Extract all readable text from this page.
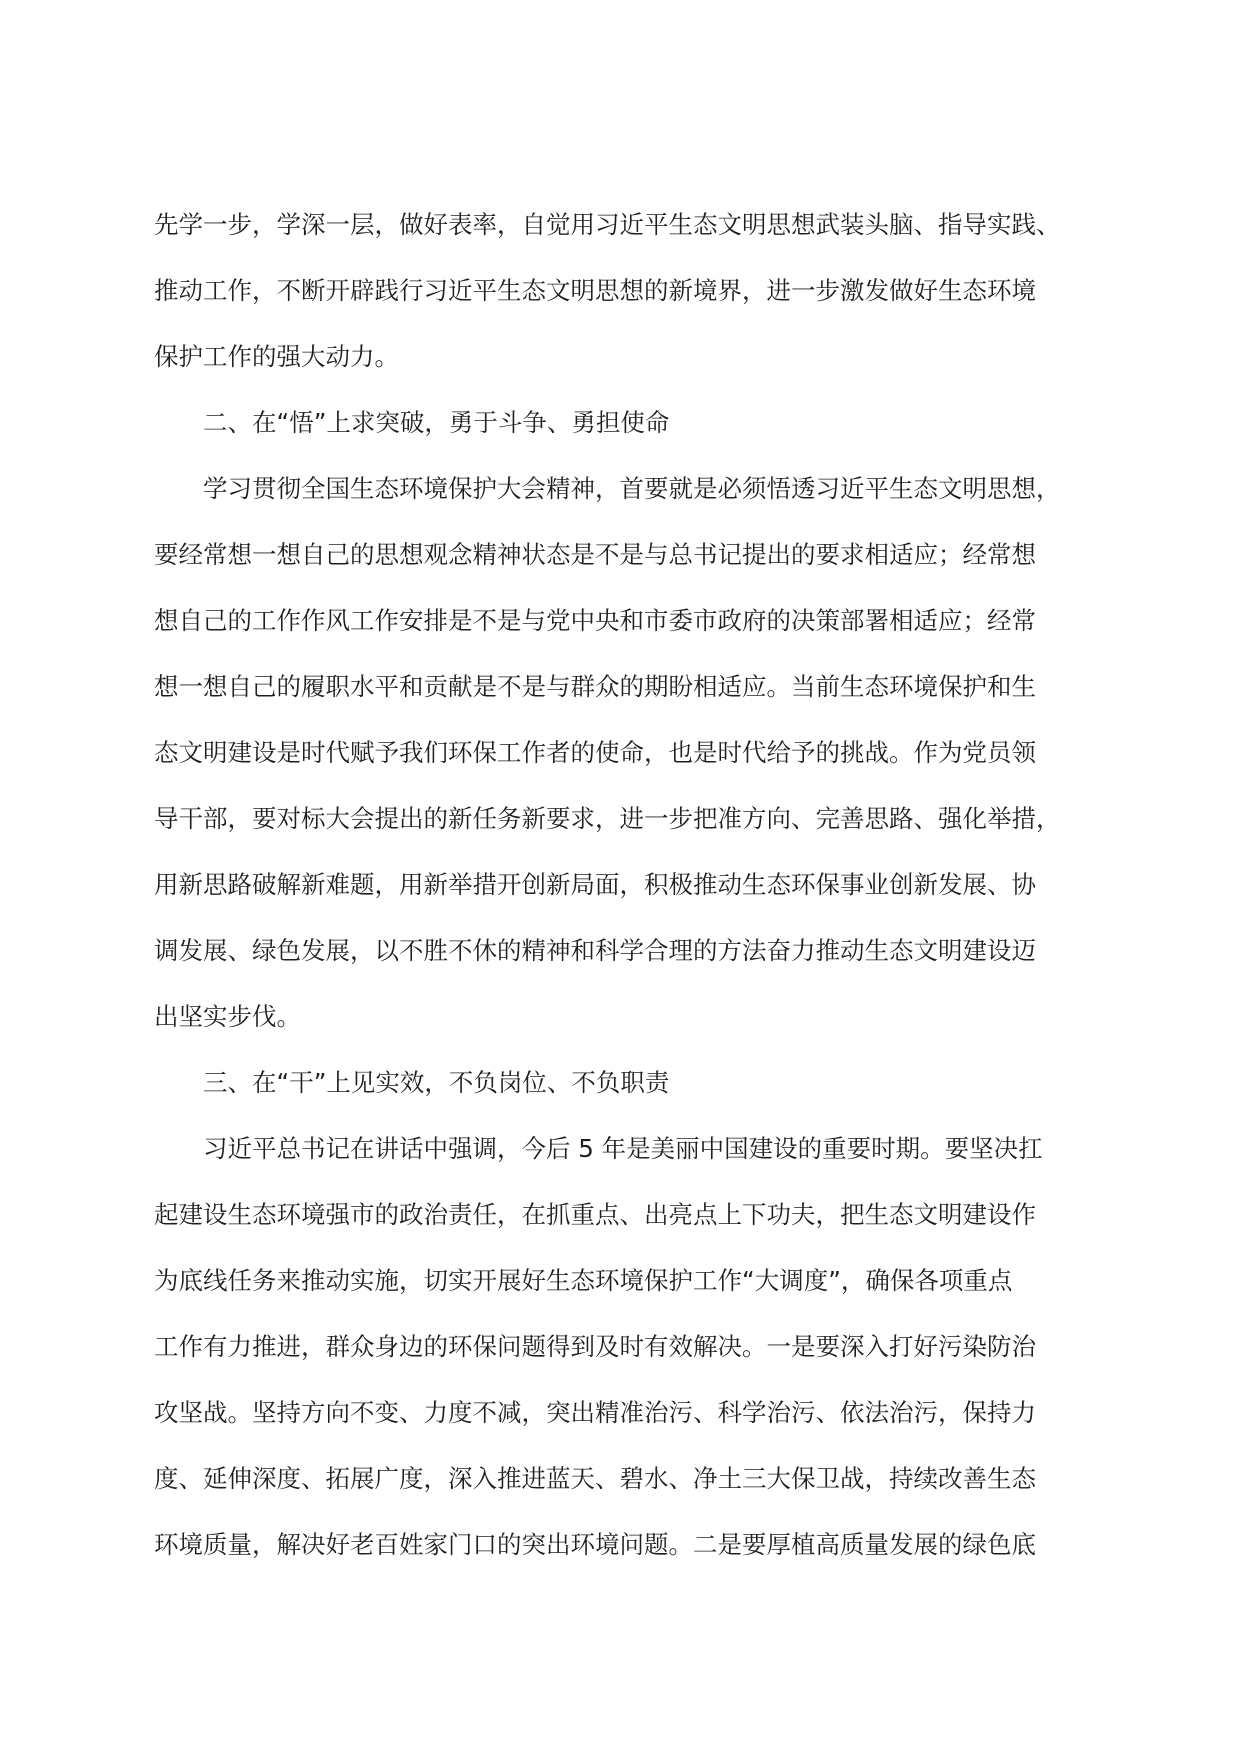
先学一步，学深一层，做好表率，自觉用习近平生态文明思想武装头脑、指导实践、
推动工作，不断开辟践行习近平生态文明思想的新境界，进一步激发做好生态环境
保护工作的强大动力。
二、在“悟”上求突破，勇于斗争、勇担使命
学习贯彻全国生态环境保护大会精神，首要就是必须悟透习近平生态文明思想，
要经常想一想自己的思想观念精神状态是不是与总书记提出的要求相适应；经常想
想自己的工作作风工作安排是不是与党中央和市委市政府的决策部署相适应；经常
想一想自己的履职水平和贡献是不是与群众的期盼相适应。当前生态环境保护和生
态文明建设是时代赋予我们环保工作者的使命，也是时代给予的挑战。作为党员领
导干部，要对标大会提出的新任务新要求，进一步把准方向、完善思路、强化举措，
用新思路破解新难题，用新举措开创新局面，积极推动生态环保事业创新发展、协
调发展、绿色发展，以不胜不休的精神和科学合理的方法奋力推动生态文明建设迈
出坚实步伐。
三、在“干”上见实效，不负岗位、不负职责
习近平总书记在讲话中强调，今后 5 年是美丽中国建设的重要时期。要坚决扛
起建设生态环境强市的政治责任，在抓重点、出亮点上下功夫，把生态文明建设作
为底线任务来推动实施，切实开展好生态环境保护工作“大调度”，确保各项重点
工作有力推进，群众身边的环保问题得到及时有效解决。一是要深入打好污染防治
攻坚战。坚持方向不变、力度不减，突出精准治污、科学治污、依法治污，保持力
度、延伸深度、拓展广度，深入推进蓝天、碧水、净土三大保卫战，持续改善生态
环境质量，解决好老百姓家门口的突出环境问题。二是要厚植高质量发展的绿色底
